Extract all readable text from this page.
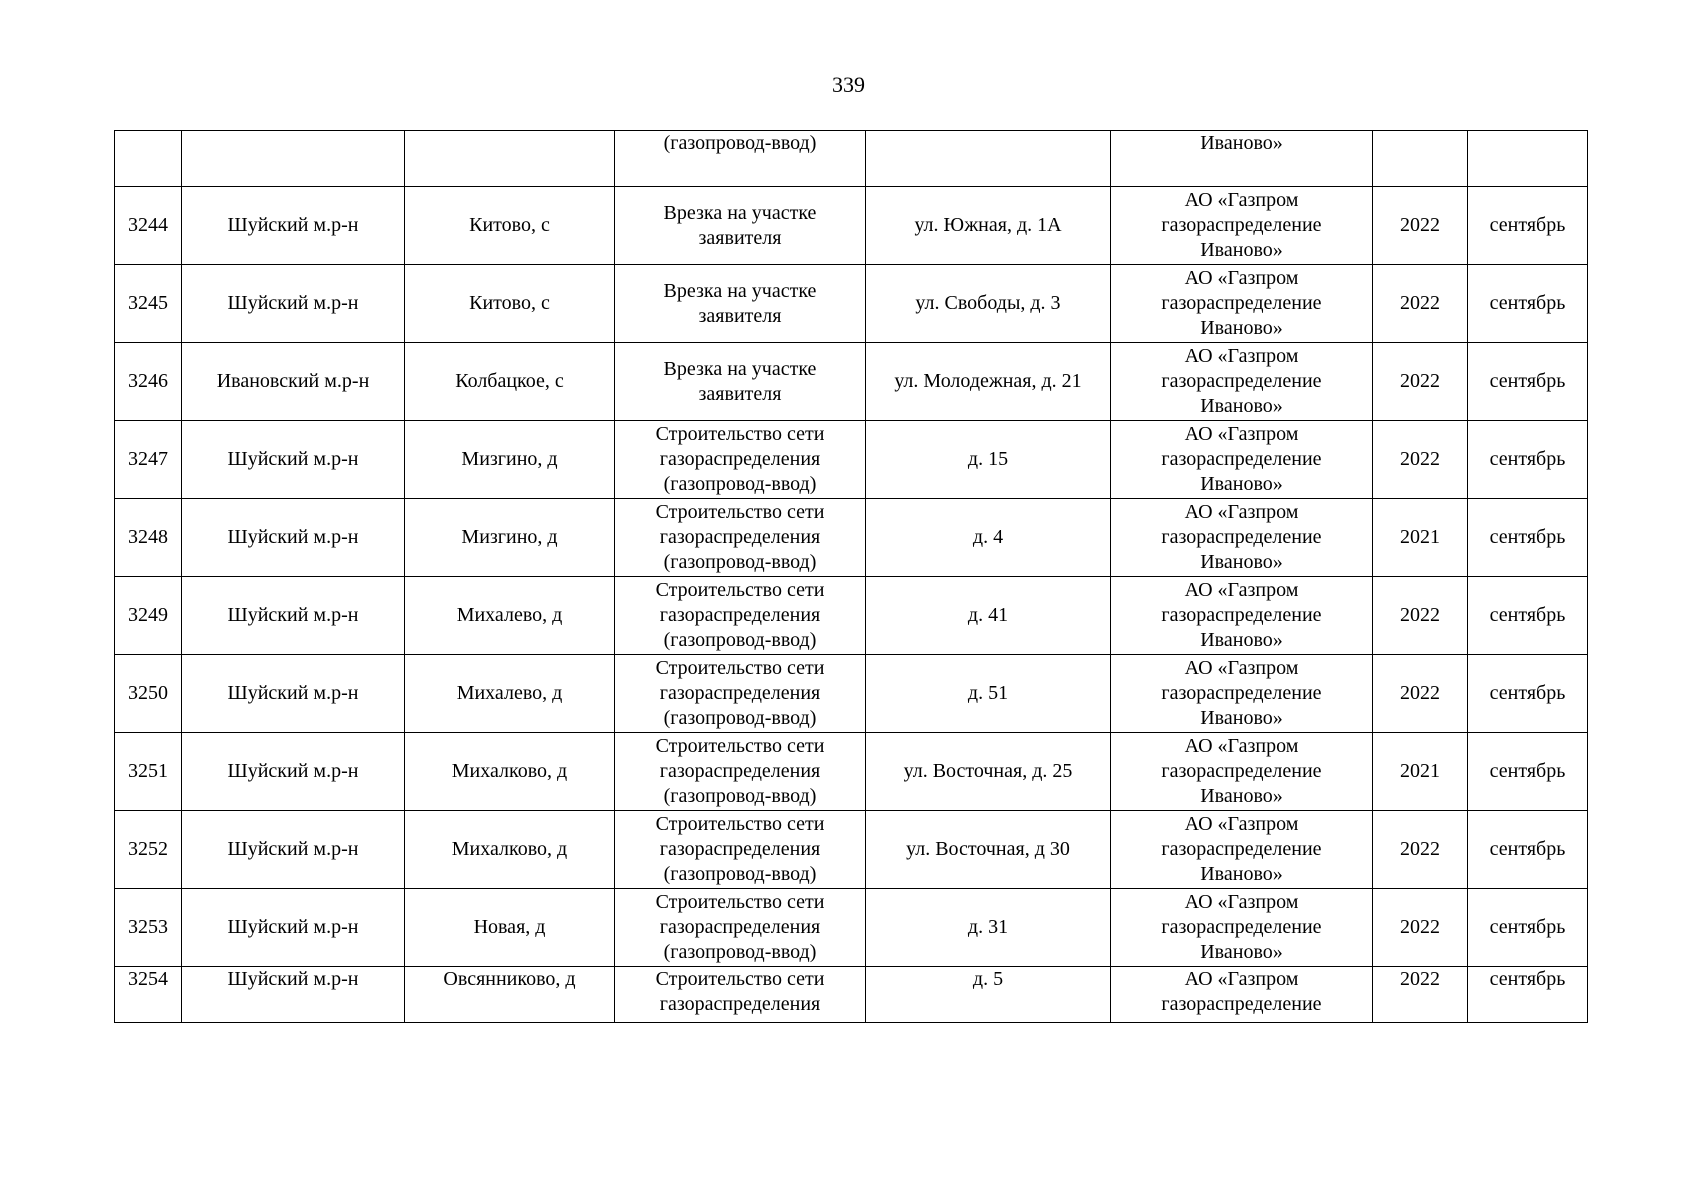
339

			(газопровод-ввод)		Иваново»		

3244	Шуйский м.р-н	Китово, с	Врезка на участке
заявителя	ул. Южная, д. 1А	АО «Газпром
газораспределение
Иваново»	2022	сентябрь

3245	Шуйский м.р-н	Китово, с	Врезка на участке
заявителя	ул. Свободы, д. 3	АО «Газпром
газораспределение
Иваново»	2022	сентябрь

3246	Ивановский м.р-н	Колбацкое, с	Врезка на участке
заявителя	ул. Молодежная, д. 21	АО «Газпром
газораспределение
Иваново»	2022	сентябрь

3247	Шуйский м.р-н	Мизгино, д	Строительство сети
газораспределения
(газопровод-ввод)	д. 15	АО «Газпром
газораспределение
Иваново»	2022	сентябрь

3248	Шуйский м.р-н	Мизгино, д	Строительство сети
газораспределения
(газопровод-ввод)	д. 4	АО «Газпром
газораспределение
Иваново»	2021	сентябрь

3249	Шуйский м.р-н	Михалево, д	Строительство сети
газораспределения
(газопровод-ввод)	д. 41	АО «Газпром
газораспределение
Иваново»	2022	сентябрь

3250	Шуйский м.р-н	Михалево, д	Строительство сети
газораспределения
(газопровод-ввод)	д. 51	АО «Газпром
газораспределение
Иваново»	2022	сентябрь

3251	Шуйский м.р-н	Михалково, д	Строительство сети
газораспределения
(газопровод-ввод)	ул. Восточная, д. 25	АО «Газпром
газораспределение
Иваново»	2021	сентябрь

3252	Шуйский м.р-н	Михалково, д	Строительство сети
газораспределения
(газопровод-ввод)	ул. Восточная, д 30	АО «Газпром
газораспределение
Иваново»	2022	сентябрь

3253	Шуйский м.р-н	Новая, д	Строительство сети
газораспределения
(газопровод-ввод)	д. 31	АО «Газпром
газораспределение
Иваново»	2022	сентябрь

3254	Шуйский м.р-н	Овсянниково, д	Строительство сети
газораспределения	д. 5	АО «Газпром
газораспределение	2022	сентябрь
